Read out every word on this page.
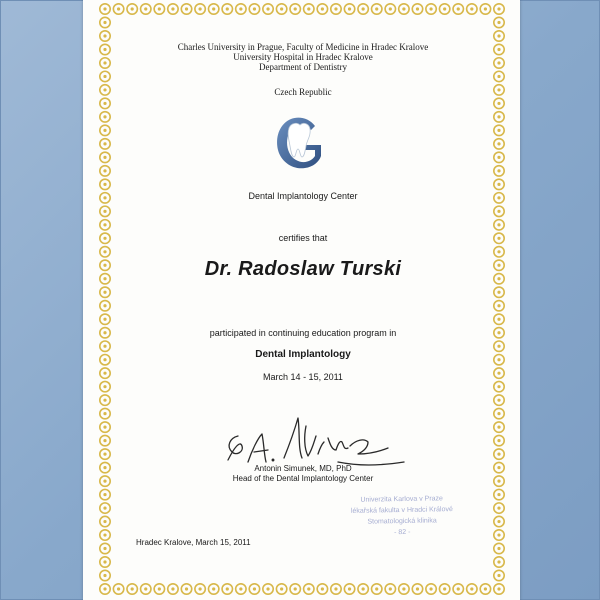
Charles University in Prague, Faculty of Medicine in Hradec Kralove
University Hospital in Hradec Kralove
Department of Dentistry
Czech Republic
Dental Implantology Center
certifies that
Dr. Radoslaw Turski
participated in continuing education program in
Dental Implantology
March 14 - 15, 2011
Antonin Simunek, MD, PhD
Head of the Dental Implantology Center
Univerzita Karlova v Praze
lékařská fakulta v Hradci Králové
Stomatologická klinika
- 82 -
Hradec Kralove, March 15, 2011
